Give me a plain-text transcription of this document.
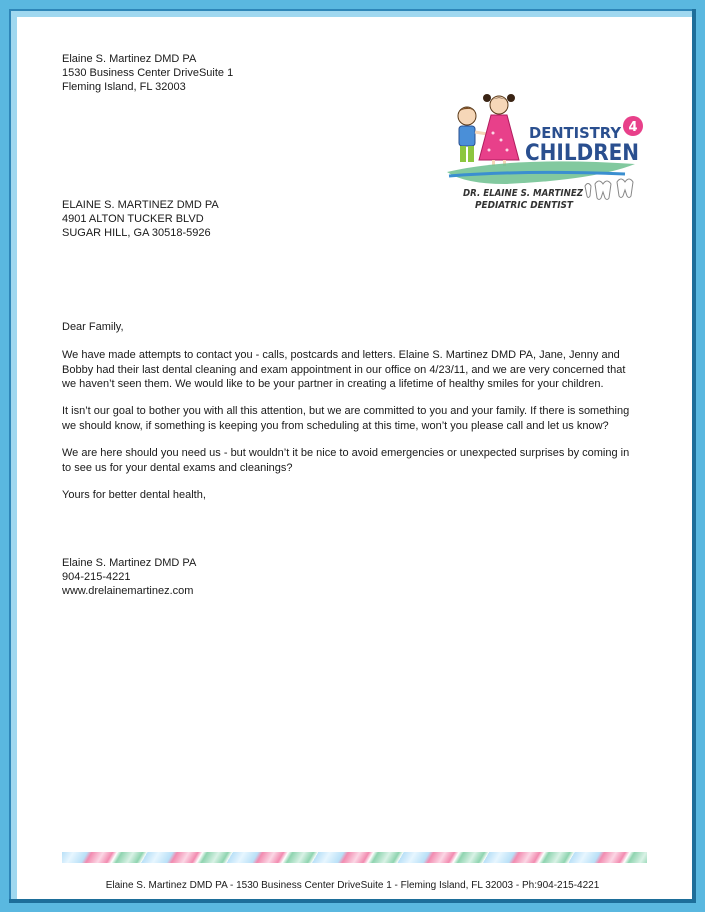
Elaine S. Martinez DMD PA
1530 Business Center DriveSuite 1
Fleming Island, FL 32003
4
DENTISTRY
CHILDREN
DR. ELAINE S. MARTINEZ
PEDIATRIC DENTIST
ELAINE S. MARTINEZ DMD PA
4901 ALTON TUCKER BLVD
SUGAR HILL, GA 30518-5926

Dear Family,

We have made attempts to contact you - calls, postcards and letters. Elaine S. Martinez DMD PA, Jane, Jenny and Bobby had their last dental cleaning and exam appointment in our office on 4/23/11, and we are very concerned that we haven’t seen them. We would like to be your partner in creating a lifetime of healthy smiles for your children.

It isn’t our goal to bother you with all this attention, but we are committed to you and your family. If there is something we should know, if something is keeping you from scheduling at this time, won’t you please call and let us know?

We are here should you need us - but wouldn’t it be nice to avoid emergencies or unexpected surprises by coming in to see us for your dental exams and cleanings?

Yours for better dental health,

Elaine S. Martinez DMD PA
904-215-4221
www.drelainemartinez.com
Elaine S. Martinez DMD PA - 1530 Business Center DriveSuite 1 - Fleming Island, FL 32003 - Ph:904-215-4221
